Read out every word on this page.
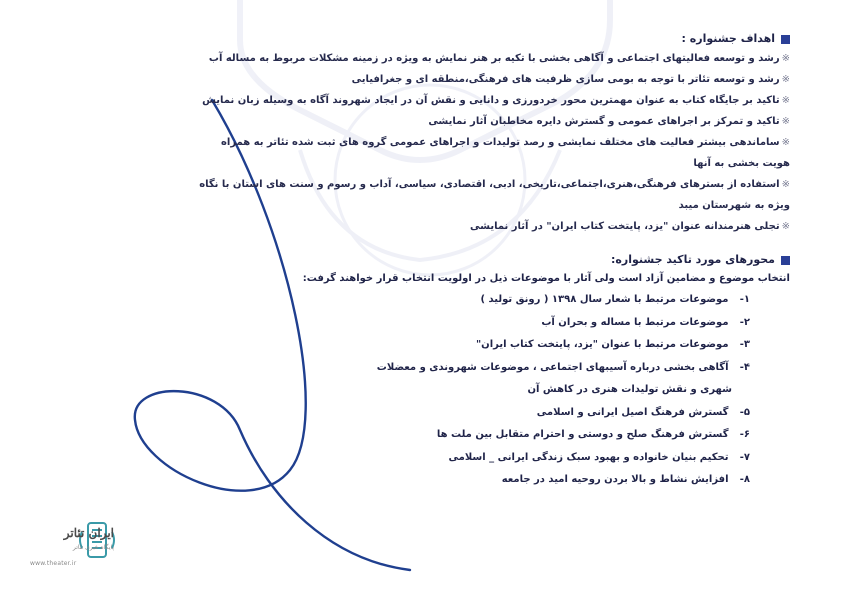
اهداف جشنواره :
※رشد و توسعه فعالیتهای اجتماعی و آگاهی بخشی با تکیه بر هنر نمایش به ویژه در زمینه مشکلات مربوط به مساله آب
※رشد و توسعه تئاتر با توجه به بومی سازی ظرفیت های فرهنگی،منطقه ای و جغرافیایی
※تاکید بر جایگاه کتاب به عنوان مهمترین محور خردورزی و دانایی و نقش آن در ایجاد شهروند آگاه به وسیله زبان نمایش
※تاکید و تمرکز بر اجراهای عمومی و گسترش دایره مخاطبان آثار نمایشی
※ساماندهی بیشتر فعالیت های مختلف نمایشی و رصد تولیدات و اجراهای عمومی گروه های ثبت شده تئاتر به همراه
هویت بخشی به آنها
※استفاده از بسترهای فرهنگی،هنری،اجتماعی،تاریخی، ادبی، اقتصادی، سیاسی، آداب و رسوم و سنت های استان با نگاه
ویژه به شهرستان میبد
※تجلی هنرمندانه عنوان "یزد، پایتخت کتاب ایران" در آثار نمایشی
محورهای مورد تاکید جشنواره:
انتخاب موضوع و مضامین آزاد است ولی آثار با موضوعات ذیل در اولویت انتخاب قرار خواهند گرفت:
۱- موضوعات مرتبط با شعار سال ۱۳۹۸ ( رونق تولید )
۲- موضوعات مرتبط با مساله و بحران آب
۳- موضوعات مرتبط با عنوان "یزد، پایتخت کتاب ایران"
۴- آگاهی بخشی درباره آسیبهای اجتماعی ، موضوعات شهروندی و معضلات
شهری و نقش تولیدات هنری در کاهش آن
۵- گسترش فرهنگ اصیل ایرانی و اسلامی
۶- گسترش فرهنگ صلح و دوستی و احترام متقابل بین ملت ها
۷- تحکیم بنیان خانواده و بهبود سبک زندگی ایرانی _ اسلامی
۸- افزایش نشاط و بالا بردن روحیه امید در جامعه
ایران تئاتر
پایگاه خبری تئاتر
www.theater.ir
